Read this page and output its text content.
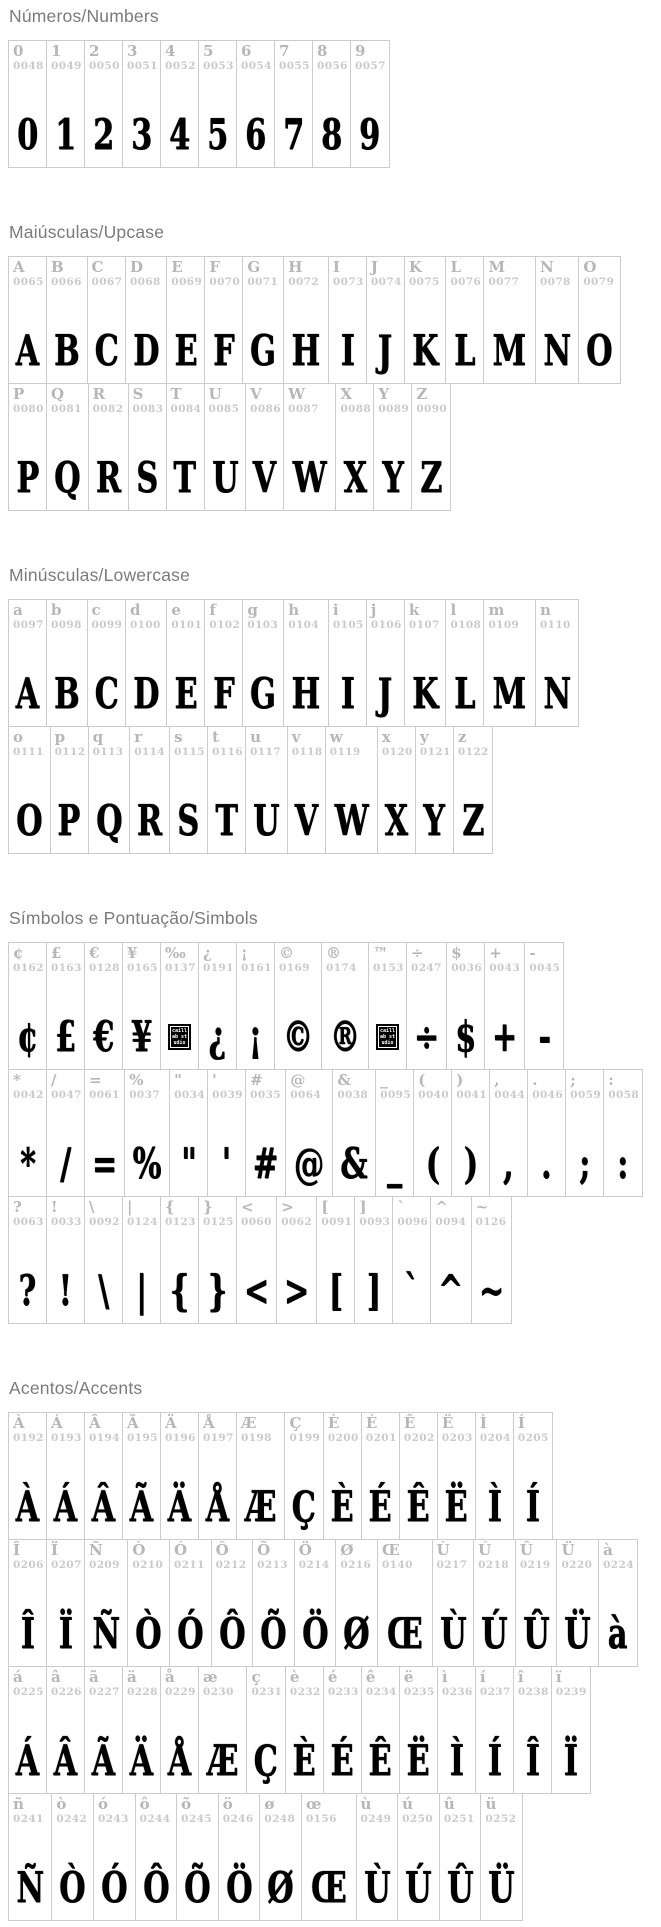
Números/Numbers
0
0048
0
1
0049
1
2
0050
2
3
0051
3
4
0052
4
5
0053
5
6
0054
6
7
0055
7
8
0056
8
9
0057
9
Maiúsculas/Upcase
A
0065
A
B
0066
B
C
0067
C
D
0068
D
E
0069
E
F
0070
F
G
0071
G
H
0072
H
I
0073
I
J
0074
J
K
0075
K
L
0076
L
M
0077
M
N
0078
N
O
0079
O
P
0080
P
Q
0081
Q
R
0082
R
S
0083
S
T
0084
T
U
0085
U
V
0086
V
W
0087
W
X
0088
X
Y
0089
Y
Z
0090
Z
Minúsculas/Lowercase
a
0097
A
b
0098
B
c
0099
C
d
0100
D
e
0101
E
f
0102
F
g
0103
G
h
0104
H
i
0105
I
j
0106
J
k
0107
K
l
0108
L
m
0109
M
n
0110
N
o
0111
O
p
0112
P
q
0113
Q
r
0114
R
s
0115
S
t
0116
T
u
0117
U
v
0118
V
w
0119
W
x
0120
X
y
0121
Y
z
0122
Z
Símbolos e Pontuação/Simbols
¢
0162
¢
£
0163
£
€
0128
€
¥
0165
¥
‰
0137
caillab studio
¿
0191
¿
¡
0161
¡
©
0169
©
®
0174
®
™
0153
caillab studio
÷
0247
÷
$
0036
$
+
0043
+
-
0045
-
*
0042
*
/
0047
/
=
0061
=
%
0037
%
"
0034
"
'
0039
'
#
0035
#
@
0064
@
&
0038
&
_
0095
_
(
0040
(
)
0041
)
,
0044
,
.
0046
.
;
0059
;
:
0058
:
?
0063
?
!
0033
!
\
0092
\
|
0124
|
{
0123
{
}
0125
}
<
0060
<
>
0062
>
[
0091
[
]
0093
]
`
0096
`
^
0094
^
~
0126
~
Acentos/Accents
À
0192
À
Á
0193
Á
Â
0194
Â
Ã
0195
Ã
Ä
0196
Ä
Å
0197
Å
Æ
0198
Æ
Ç
0199
Ç
È
0200
È
É
0201
É
Ê
0202
Ê
Ë
0203
Ë
Ì
0204
Ì
Í
0205
Í
Î
0206
Î
Ï
0207
Ï
Ñ
0209
Ñ
Ò
0210
Ò
Ó
0211
Ó
Ô
0212
Ô
Õ
0213
Õ
Ö
0214
Ö
Ø
0216
Ø
Œ
0140
Œ
Ù
0217
Ù
Ú
0218
Ú
Û
0219
Û
Ü
0220
Ü
à
0224
à
á
0225
Á
â
0226
Â
ã
0227
Ã
ä
0228
Ä
å
0229
Å
æ
0230
Æ
ç
0231
Ç
è
0232
È
é
0233
É
ê
0234
Ê
ë
0235
Ë
ì
0236
Ì
í
0237
Í
î
0238
Î
ï
0239
Ï
ñ
0241
Ñ
ò
0242
Ò
ó
0243
Ó
ô
0244
Ô
õ
0245
Õ
ö
0246
Ö
ø
0248
Ø
œ
0156
Œ
ù
0249
Ù
ú
0250
Ú
û
0251
Û
ü
0252
Ü
